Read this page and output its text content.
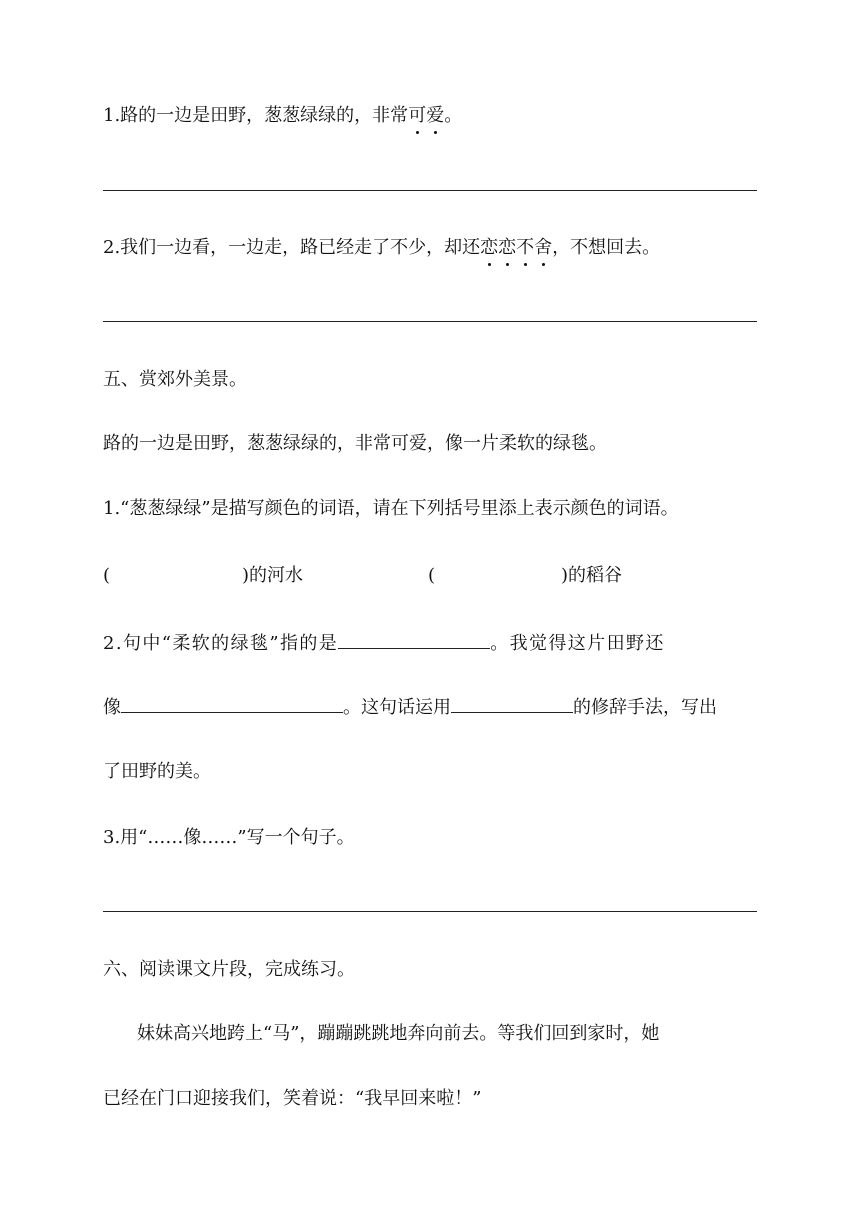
1.路的一边是田野，葱葱绿绿的，非常可爱。
2.我们一边看，一边走，路已经走了不少，却还恋恋不舍，不想回去。
五、赏郊外美景。
路的一边是田野，葱葱绿绿的，非常可爱，像一片柔软的绿毯。
1.“葱葱绿绿”是描写颜色的词语，请在下列括号里添上表示颜色的词语。
(	)的河水	(	)的稻谷
2.句中“柔软的绿毯”指的是	。我觉得这片田野还
像	。这句话运用	的修辞手法，写出
了田野的美。
3.用“……像……”写一个句子。
六、阅读课文片段，完成练习。
妹妹高兴地跨上“马”，蹦蹦跳跳地奔向前去。等我们回到家时，她
已经在门口迎接我们，笑着说：“我早回来啦！”
